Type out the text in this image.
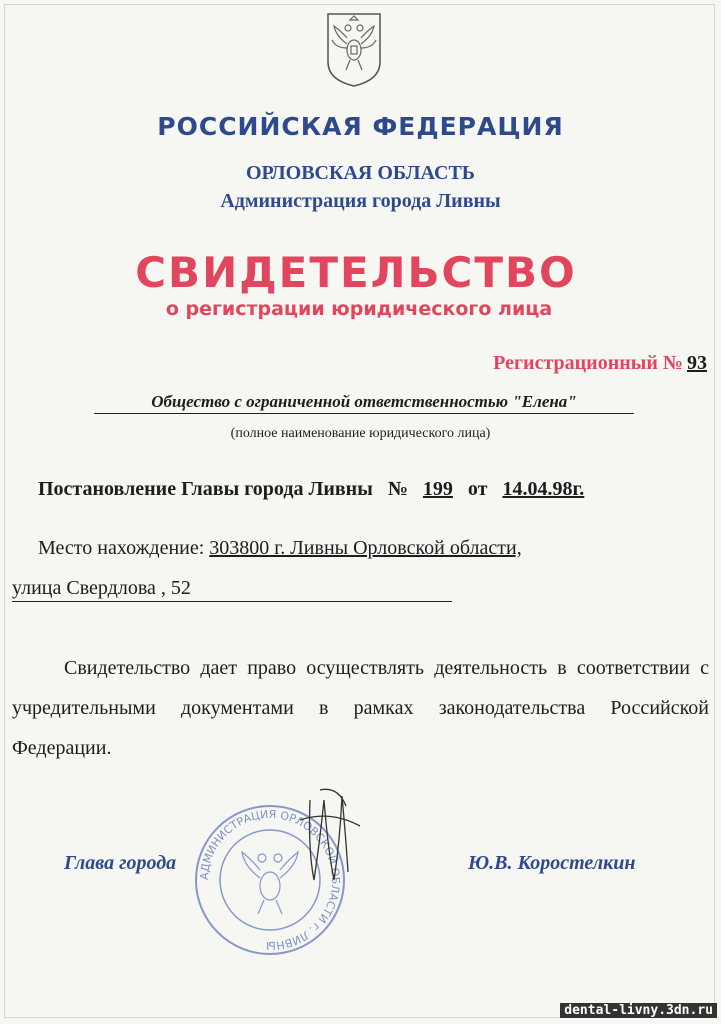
РОССИЙСКАЯ ФЕДЕРАЦИЯ
ОРЛОВСКАЯ ОБЛАСТЬ
Администрация города Ливны
СВИДЕТЕЛЬСТВО
о регистрации юридического лица
Регистрационный № 93
Общество с ограниченной ответственностью "Елена"
(полное наименование юридического лица)
Постановление Главы города Ливны № 199 от 14.04.98г.
Место нахождение: 303800 г. Ливны Орловской области,
улица Свердлова , 52
Свидетельство дает право осуществлять деятельность в соответствии с учредительными документами в рамках законодательства Российской Федерации.
АДМИНИСТРАЦИЯ ОРЛОВСКОЙ ОБЛАСТИ г. ЛИВНЫ
Глава города	Ю.В. Коростелкин
dental-livny.3dn.ru
